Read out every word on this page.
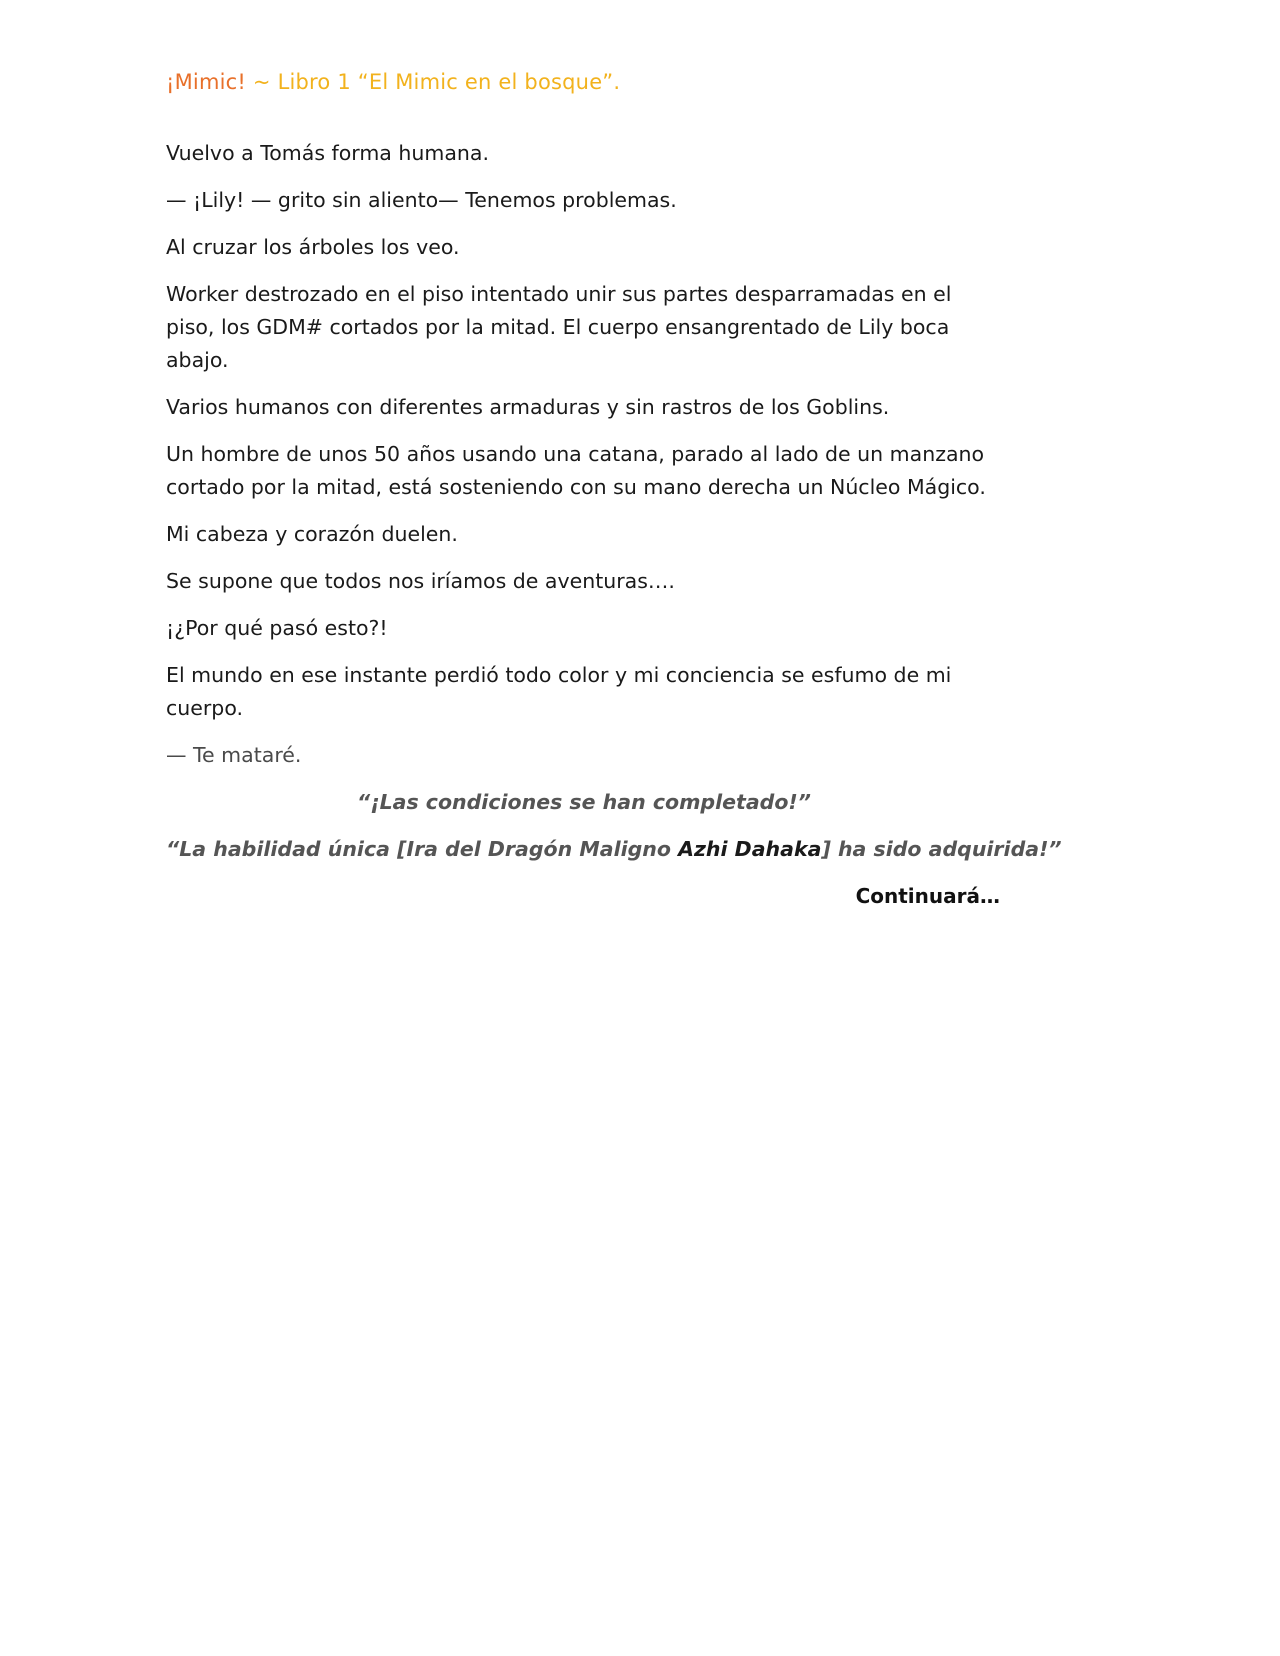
¡Mimic! ~ Libro 1 “El Mimic en el bosque”.

Vuelvo a Tomás forma humana.

— ¡Lily! — grito sin aliento— Tenemos problemas.

Al cruzar los árboles los veo.

Worker destrozado en el piso intentado unir sus partes desparramadas en el piso, los GDM# cortados por la mitad. El cuerpo ensangrentado de Lily boca abajo.

Varios humanos con diferentes armaduras y sin rastros de los Goblins.

Un hombre de unos 50 años usando una catana, parado al lado de un manzano cortado por la mitad, está sosteniendo con su mano derecha un Núcleo Mágico.

Mi cabeza y corazón duelen.

Se supone que todos nos iríamos de aventuras….

¡¿Por qué pasó esto?!

El mundo en ese instante perdió todo color y mi conciencia se esfumo de mi cuerpo.

— Te mataré.

“¡Las condiciones se han completado!”

“La habilidad única [Ira del Dragón Maligno Azhi Dahaka] ha sido adquirida!”

Continuará…
